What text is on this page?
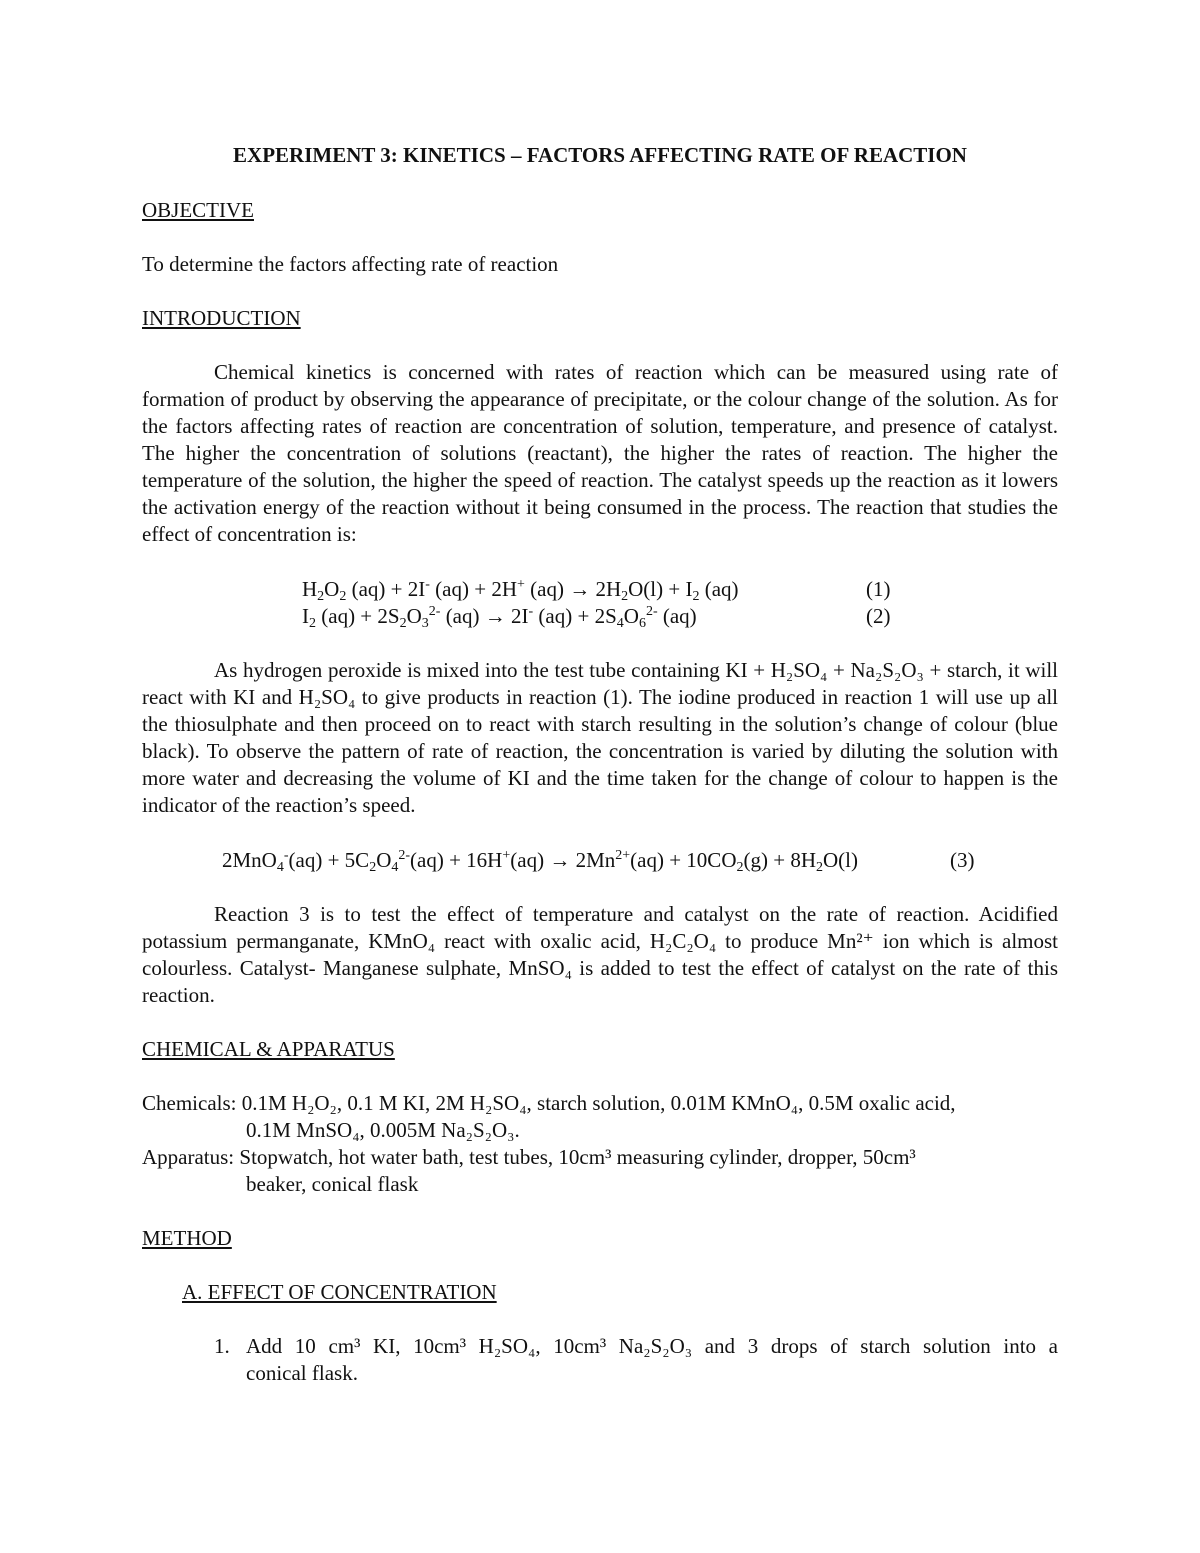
EXPERIMENT 3: KINETICS – FACTORS AFFECTING RATE OF REACTION
OBJECTIVE
To determine the factors affecting rate of reaction
INTRODUCTION

Chemical kinetics is concerned with rates of reaction which can be measured using rate of formation of product by observing the appearance of precipitate, or the colour change of the solution. As for the factors affecting rates of reaction are concentration of solution, temperature, and presence of catalyst. The higher the concentration of solutions (reactant), the higher the rates of reaction. The higher the temperature of the solution, the higher the speed of reaction. The catalyst speeds up the reaction as it lowers the activation energy of the reaction without it being consumed in the process. The reaction that studies the effect of concentration is:

$H_2O_2$ (aq) + 2I- (aq) + 2H+ $(aq) \to 2H_2O(l) + I_2$ (aq)	(1)
$I_2$ $(aq) + 2S_2O_3^{2-}$ (aq) → 2I- $(aq) + 2S_4O_6^{2-}$ (aq)	(2)

As hydrogen peroxide is mixed into the test tube containing KI + H₂SO₄ + Na₂S₂O₃ + starch, it will react with KI and H₂SO₄ to give products in reaction (1). The iodine produced in reaction 1 will use up all the thiosulphate and then proceed on to react with starch resulting in the solution’s change of colour (blue black). To observe the pattern of rate of reaction, the concentration is varied by diluting the solution with more water and decreasing the volume of KI and the time taken for the change of colour to happen is the indicator of the reaction’s speed.

$2MnO_4^-(aq) + 5C_2O_4^{2-}(aq) + 16H^+(aq) \to 2Mn^{2+}(aq) + 10CO_2(g) + 8H_2O(l)$	(3)

Reaction 3 is to test the effect of temperature and catalyst on the rate of reaction. Acidified potassium permanganate, KMnO₄ react with oxalic acid, H₂C₂O₄ to produce Mn²⁺ ion which is almost colourless. Catalyst- Manganese sulphate, MnSO₄ is added to test the effect of catalyst on the rate of this reaction.

CHEMICAL & APPARATUS
Chemicals: 0.1M H₂O₂, 0.1 M KI, 2M H₂SO₄, starch solution, 0.01M KMnO₄, 0.5M oxalic acid,
0.1M MnSO₄, 0.005M Na₂S₂O₃.
Apparatus: Stopwatch, hot water bath, test tubes, 10cm³ measuring cylinder, dropper, 50cm³
beaker, conical flask
METHOD
A. EFFECT OF CONCENTRATION
1. Add 10 cm³ KI, 10cm³ H₂SO₄, 10cm³ Na₂S₂O₃ and 3 drops of starch solution into a
conical flask.
